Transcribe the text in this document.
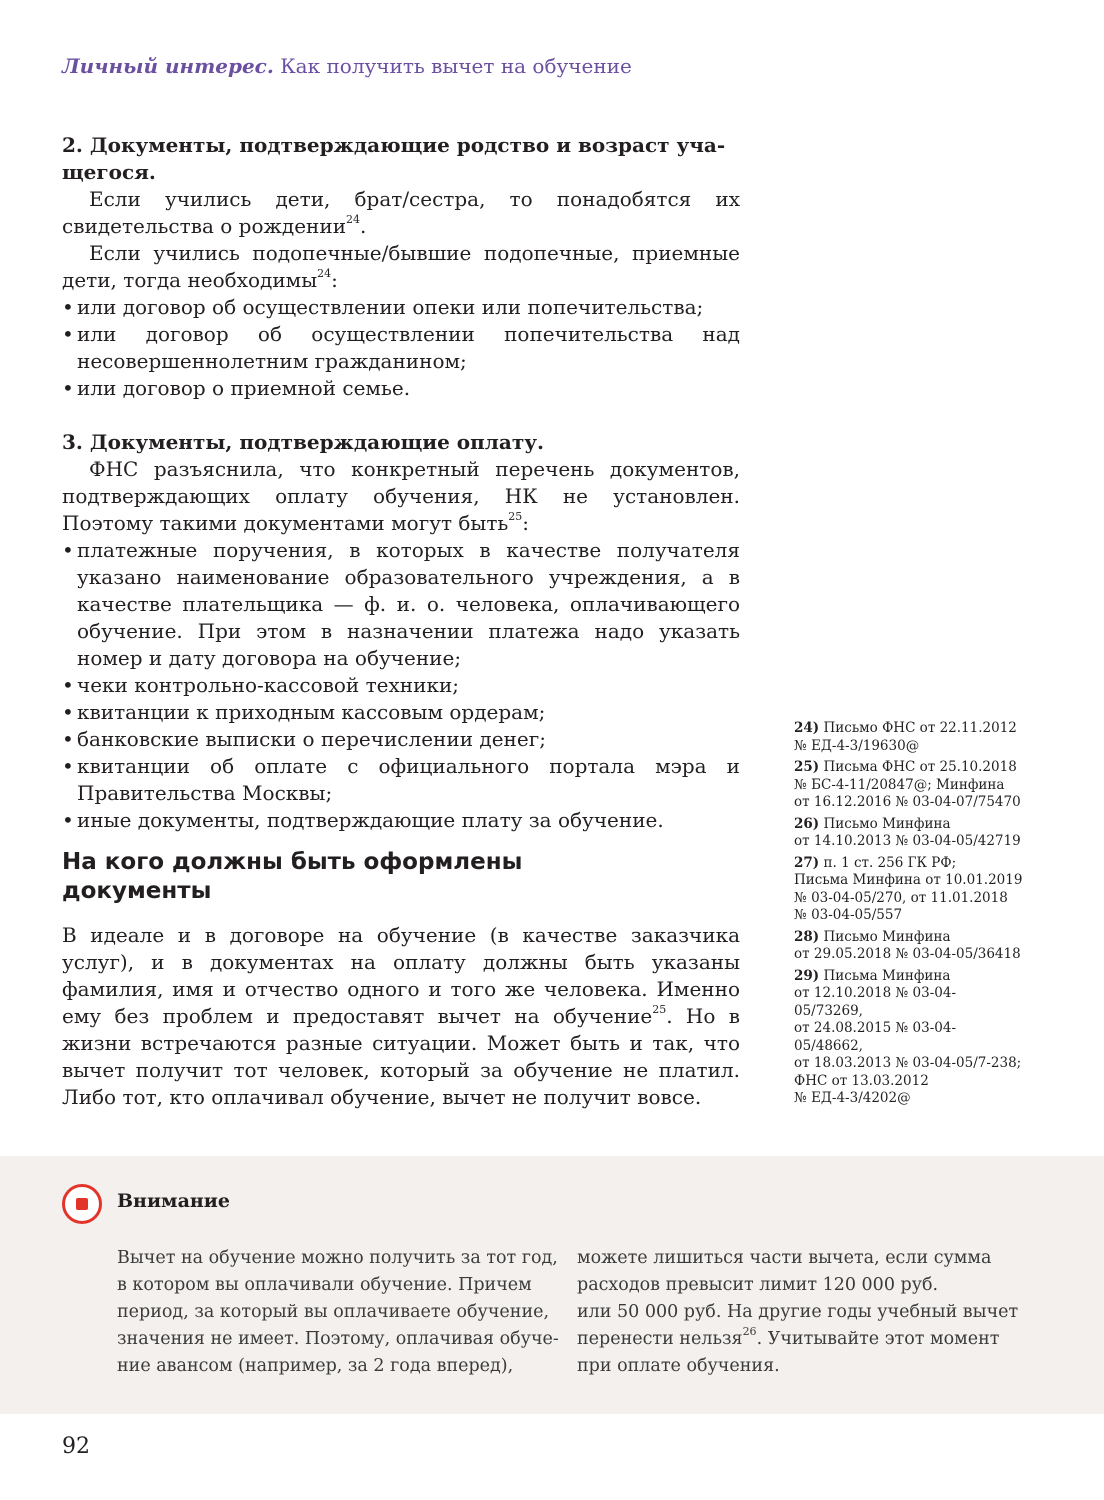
Личный интерес. Как получить вычет на обучение

2. Документы, подтверждающие родство и возраст уча-
щегося.

Если учились дети, брат/сестра, то понадобятся их свидетельства о рождении$^{24}$.

Если учились подопечные/бывшие подопечные, приемные дети, тогда необходимы$^{24}$:

• или договор об осуществлении опеки или попечительства;
• или договор об осуществлении попечительства над несовершеннолетним гражданином;
• или договор о приемной семье.

3. Документы, подтверждающие оплату.

ФНС разъяснила, что конкретный перечень документов, подтверждающих оплату обучения, НК не установлен. Поэтому такими документами могут быть$^{25}$:

• платежные поручения, в которых в качестве получателя указано наименование образовательного учреждения, а в качестве плательщика — ф. и. о. человека, оплачивающего обучение. При этом в назначении платежа надо указать номер и дату договора на обучение;
• чеки контрольно-кассовой техники;
• квитанции к приходным кассовым ордерам;
• банковские выписки о перечислении денег;
• квитанции об оплате с официального портала мэра и Правительства Москвы;
• иные документы, подтверждающие плату за обучение.
На кого должны быть оформлены документы

В идеале и в договоре на обучение (в качестве заказчика услуг), и в документах на оплату должны быть указаны фамилия, имя и отчество одного и того же человека. Именно ему без проблем и предоставят вычет на обучение$^{25}$. Но в жизни встречаются разные ситуации. Может быть и так, что вычет получит тот человек, который за обучение не платил. Либо тот, кто оплачивал обучение, вычет не получит вовсе.

24) Письмо ФНС от 22.11.2012
№ ЕД-4-3/19630@
25) Письма ФНС от 25.10.2018
№ БС-4-11/20847@; Минфина
от 16.12.2016 № 03-04-07/75470
26) Письмо Минфина
от 14.10.2013 № 03-04-05/42719
27) п. 1 ст. 256 ГК РФ;
Письма Минфина от 10.01.2019
№ 03-04-05/270, от 11.01.2018
№ 03-04-05/557
28) Письмо Минфина
от 29.05.2018 № 03-04-05/36418
29) Письма Минфина
от 12.10.2018 № 03-04-05/73269,
от 24.08.2015 № 03-04-05/48662,
от 18.03.2013 № 03-04-05/7-238;
ФНС от 13.03.2012
№ ЕД-4-3/4202@
Внимание
Вычет на обучение можно получить за тот год,
в котором вы оплачивали обучение. Причем
период, за который вы оплачиваете обучение,
значения не имеет. Поэтому, оплачивая обуче-
ние авансом (например, за 2 года вперед),
можете лишиться части вычета, если сумма
расходов превысит лимит 120 000 руб.
или 50 000 руб. На другие годы учебный вычет
перенести нельзя$^{26}$. Учитывайте этот момент
при оплате обучения.
92
